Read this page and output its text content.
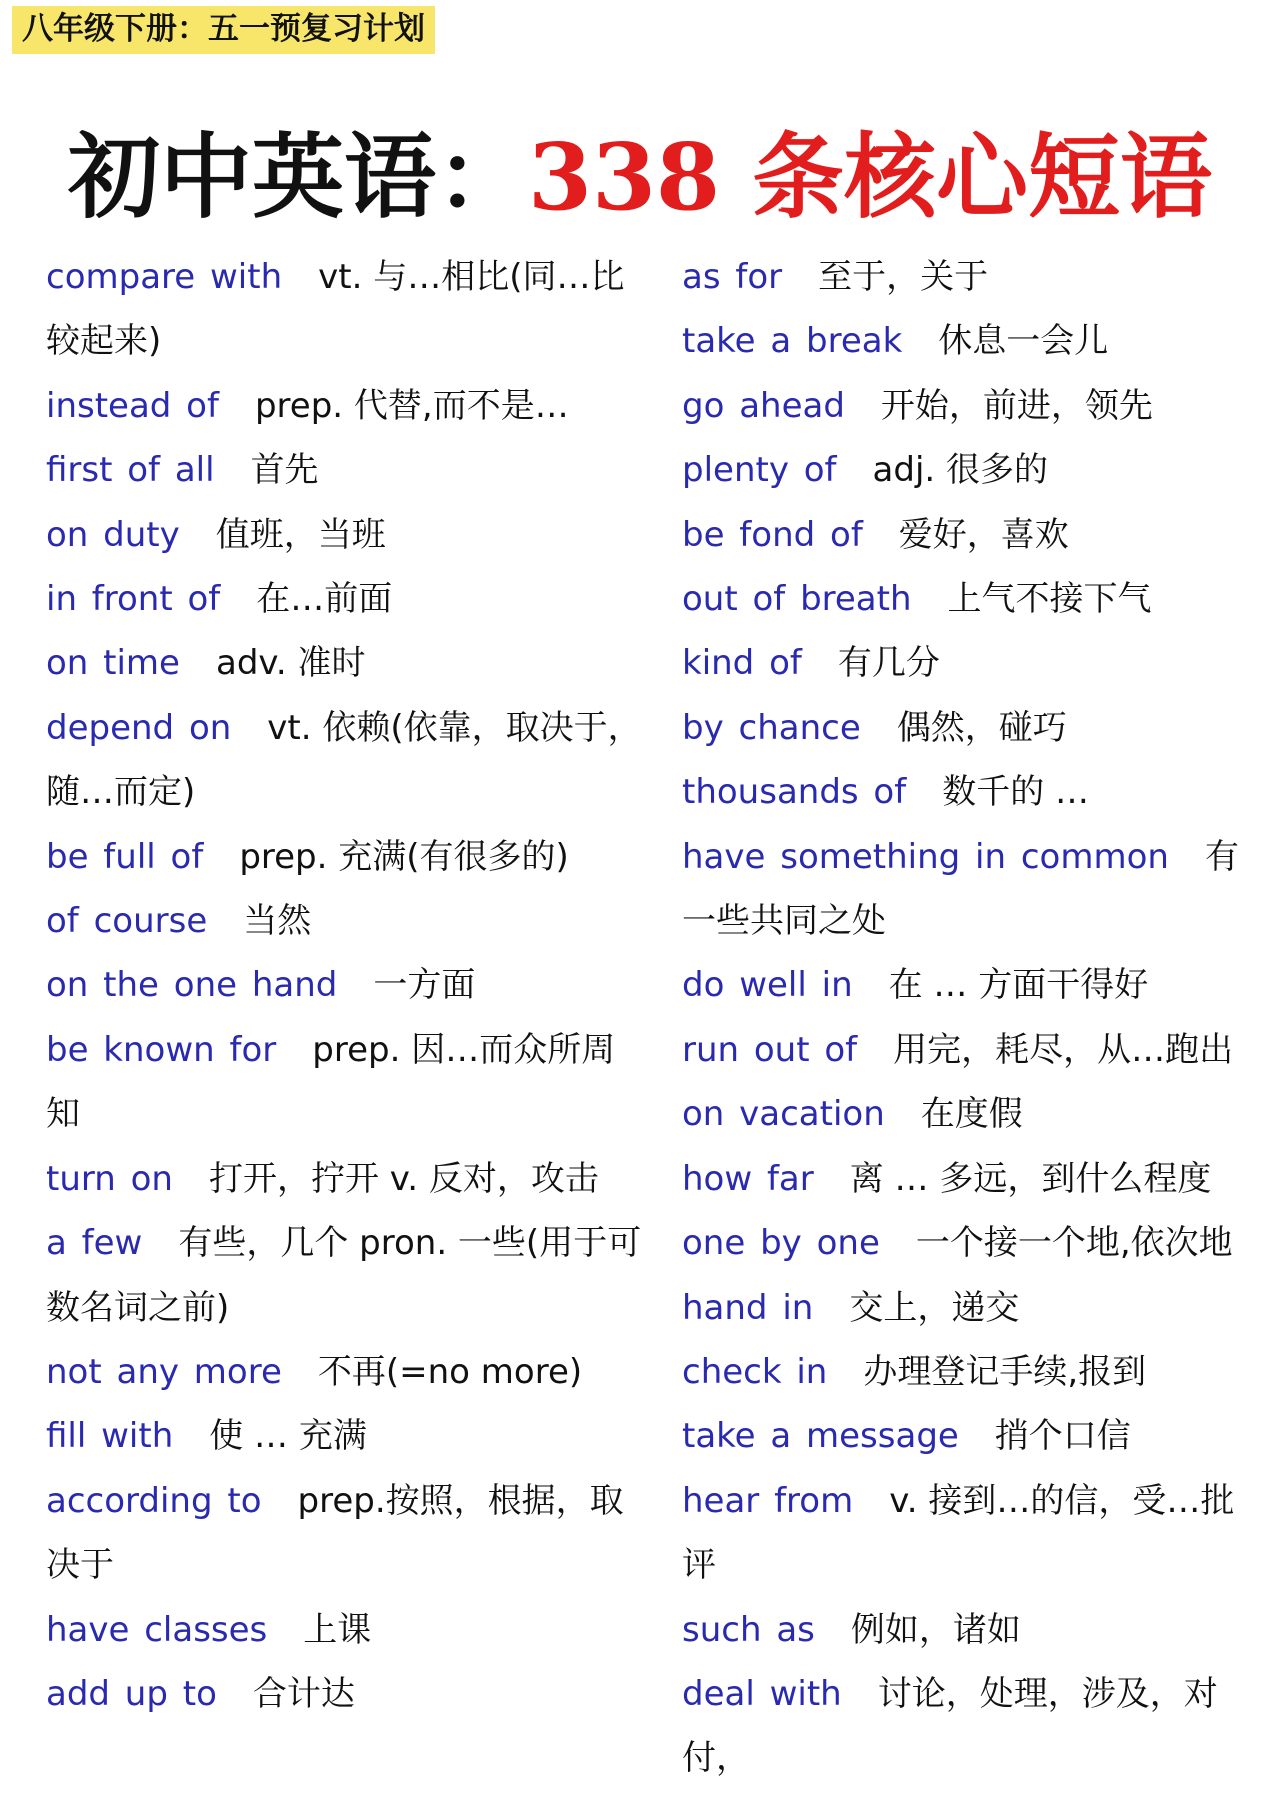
八年级下册：五一预复习计划
初中英语：338 条核心短语

compare with vt. 与…相比(同…比较起来)

instead of prep. 代替,而不是…

first of all 首先

on duty 值班，当班

in front of 在…前面

on time adv. 准时

depend on vt. 依赖(依靠，取决于，随…而定)

be full of prep. 充满(有很多的)

of course 当然

on the one hand 一方面

be known for prep. 因…而众所周知

turn on 打开，拧开 v. 反对，攻击

a few 有些，几个 pron. 一些(用于可数名词之前)

not any more 不再(=no more)

fill with 使 … 充满

according to prep.按照，根据，取决于

have classes 上课

add up to 合计达

as for 至于，关于

take a break 休息一会儿

go ahead 开始，前进，领先

plenty of adj. 很多的

be fond of 爱好，喜欢

out of breath 上气不接下气

kind of 有几分

by chance 偶然，碰巧

thousands of 数千的 …

have something in common 有一些共同之处

do well in 在 … 方面干得好

run out of 用完，耗尽，从…跑出

on vacation 在度假

how far 离 … 多远，到什么程度

one by one 一个接一个地,依次地

hand in 交上，递交

check in 办理登记手续,报到

take a message 捎个口信

hear from v. 接到…的信，受…批评

such as 例如，诸如

deal with 讨论，处理，涉及，对付，
